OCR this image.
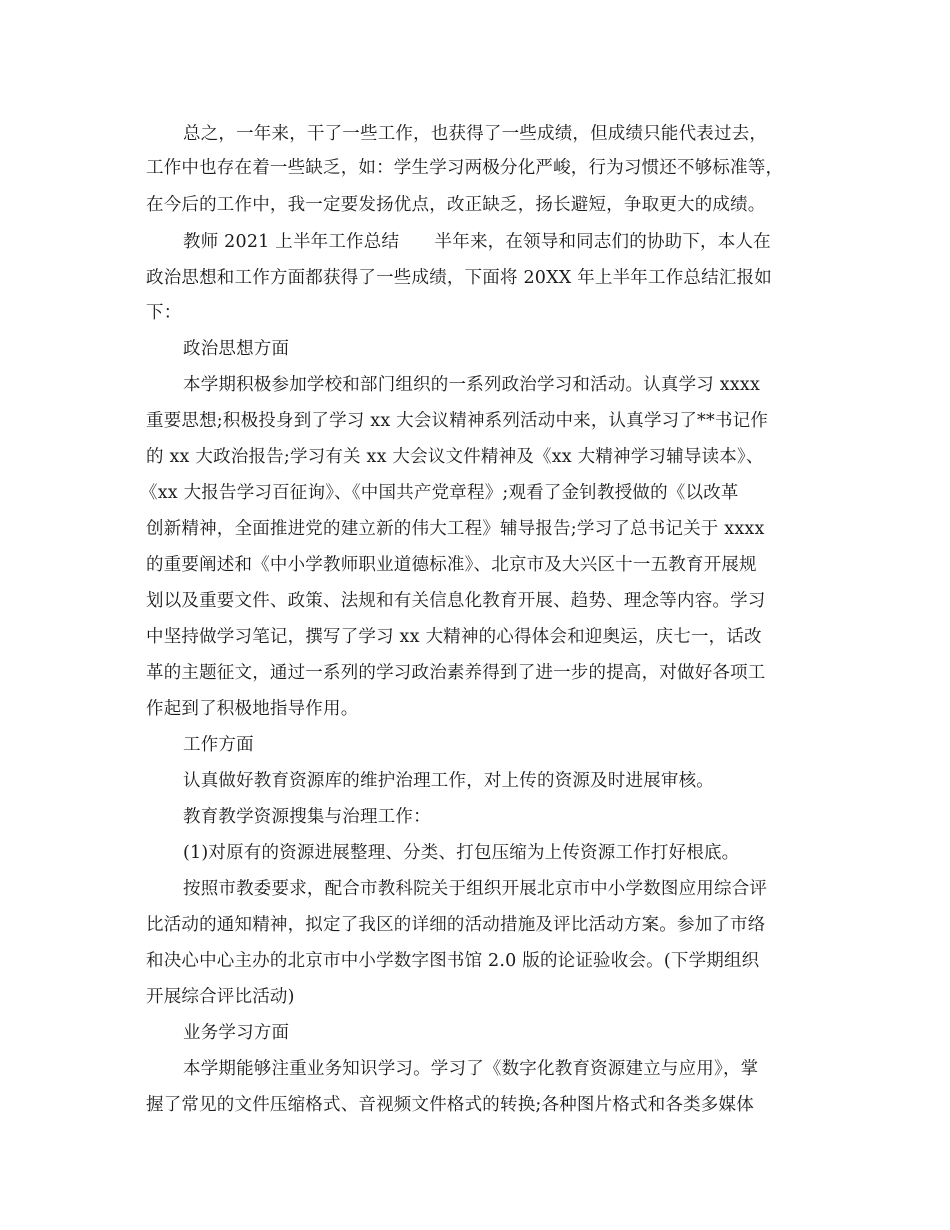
总之，一年来，干了一些工作，也获得了一些成绩，但成绩只能代表过去，
工作中也存在着一些缺乏，如：学生学习两极分化严峻，行为习惯还不够标准等，
在今后的工作中，我一定要发扬优点，改正缺乏，扬长避短，争取更大的成绩。
教师 2021 上半年工作总结　　半年来，在领导和同志们的协助下，本人在
政治思想和工作方面都获得了一些成绩，下面将 20XX 年上半年工作总结汇报如
下：
政治思想方面
本学期积极参加学校和部门组织的一系列政治学习和活动。认真学习 xxxx
重要思想;积极投身到了学习 xx 大会议精神系列活动中来，认真学习了**书记作
的 xx 大政治报告;学习有关 xx 大会议文件精神及《xx 大精神学习辅导读本》、
《xx 大报告学习百征询》、《中国共产党章程》;观看了金钊教授做的《以改革
创新精神，全面推进党的建立新的伟大工程》辅导报告;学习了总书记关于 xxxx
的重要阐述和《中小学教师职业道德标准》、北京市及大兴区十一五教育开展规
划以及重要文件、政策、法规和有关信息化教育开展、趋势、理念等内容。学习
中坚持做学习笔记，撰写了学习 xx 大精神的心得体会和迎奥运，庆七一，话改
革的主题征文，通过一系列的学习政治素养得到了进一步的提高，对做好各项工
作起到了积极地指导作用。
工作方面
认真做好教育资源库的维护治理工作，对上传的资源及时进展审核。
教育教学资源搜集与治理工作：
(1)对原有的资源进展整理、分类、打包压缩为上传资源工作打好根底。
按照市教委要求，配合市教科院关于组织开展北京市中小学数图应用综合评
比活动的通知精神，拟定了我区的详细的活动措施及评比活动方案。参加了市络
和决心中心主办的北京市中小学数字图书馆 2.0 版的论证验收会。(下学期组织
开展综合评比活动)
业务学习方面
本学期能够注重业务知识学习。学习了《数字化教育资源建立与应用》，掌
握了常见的文件压缩格式、音视频文件格式的转换;各种图片格式和各类多媒体
